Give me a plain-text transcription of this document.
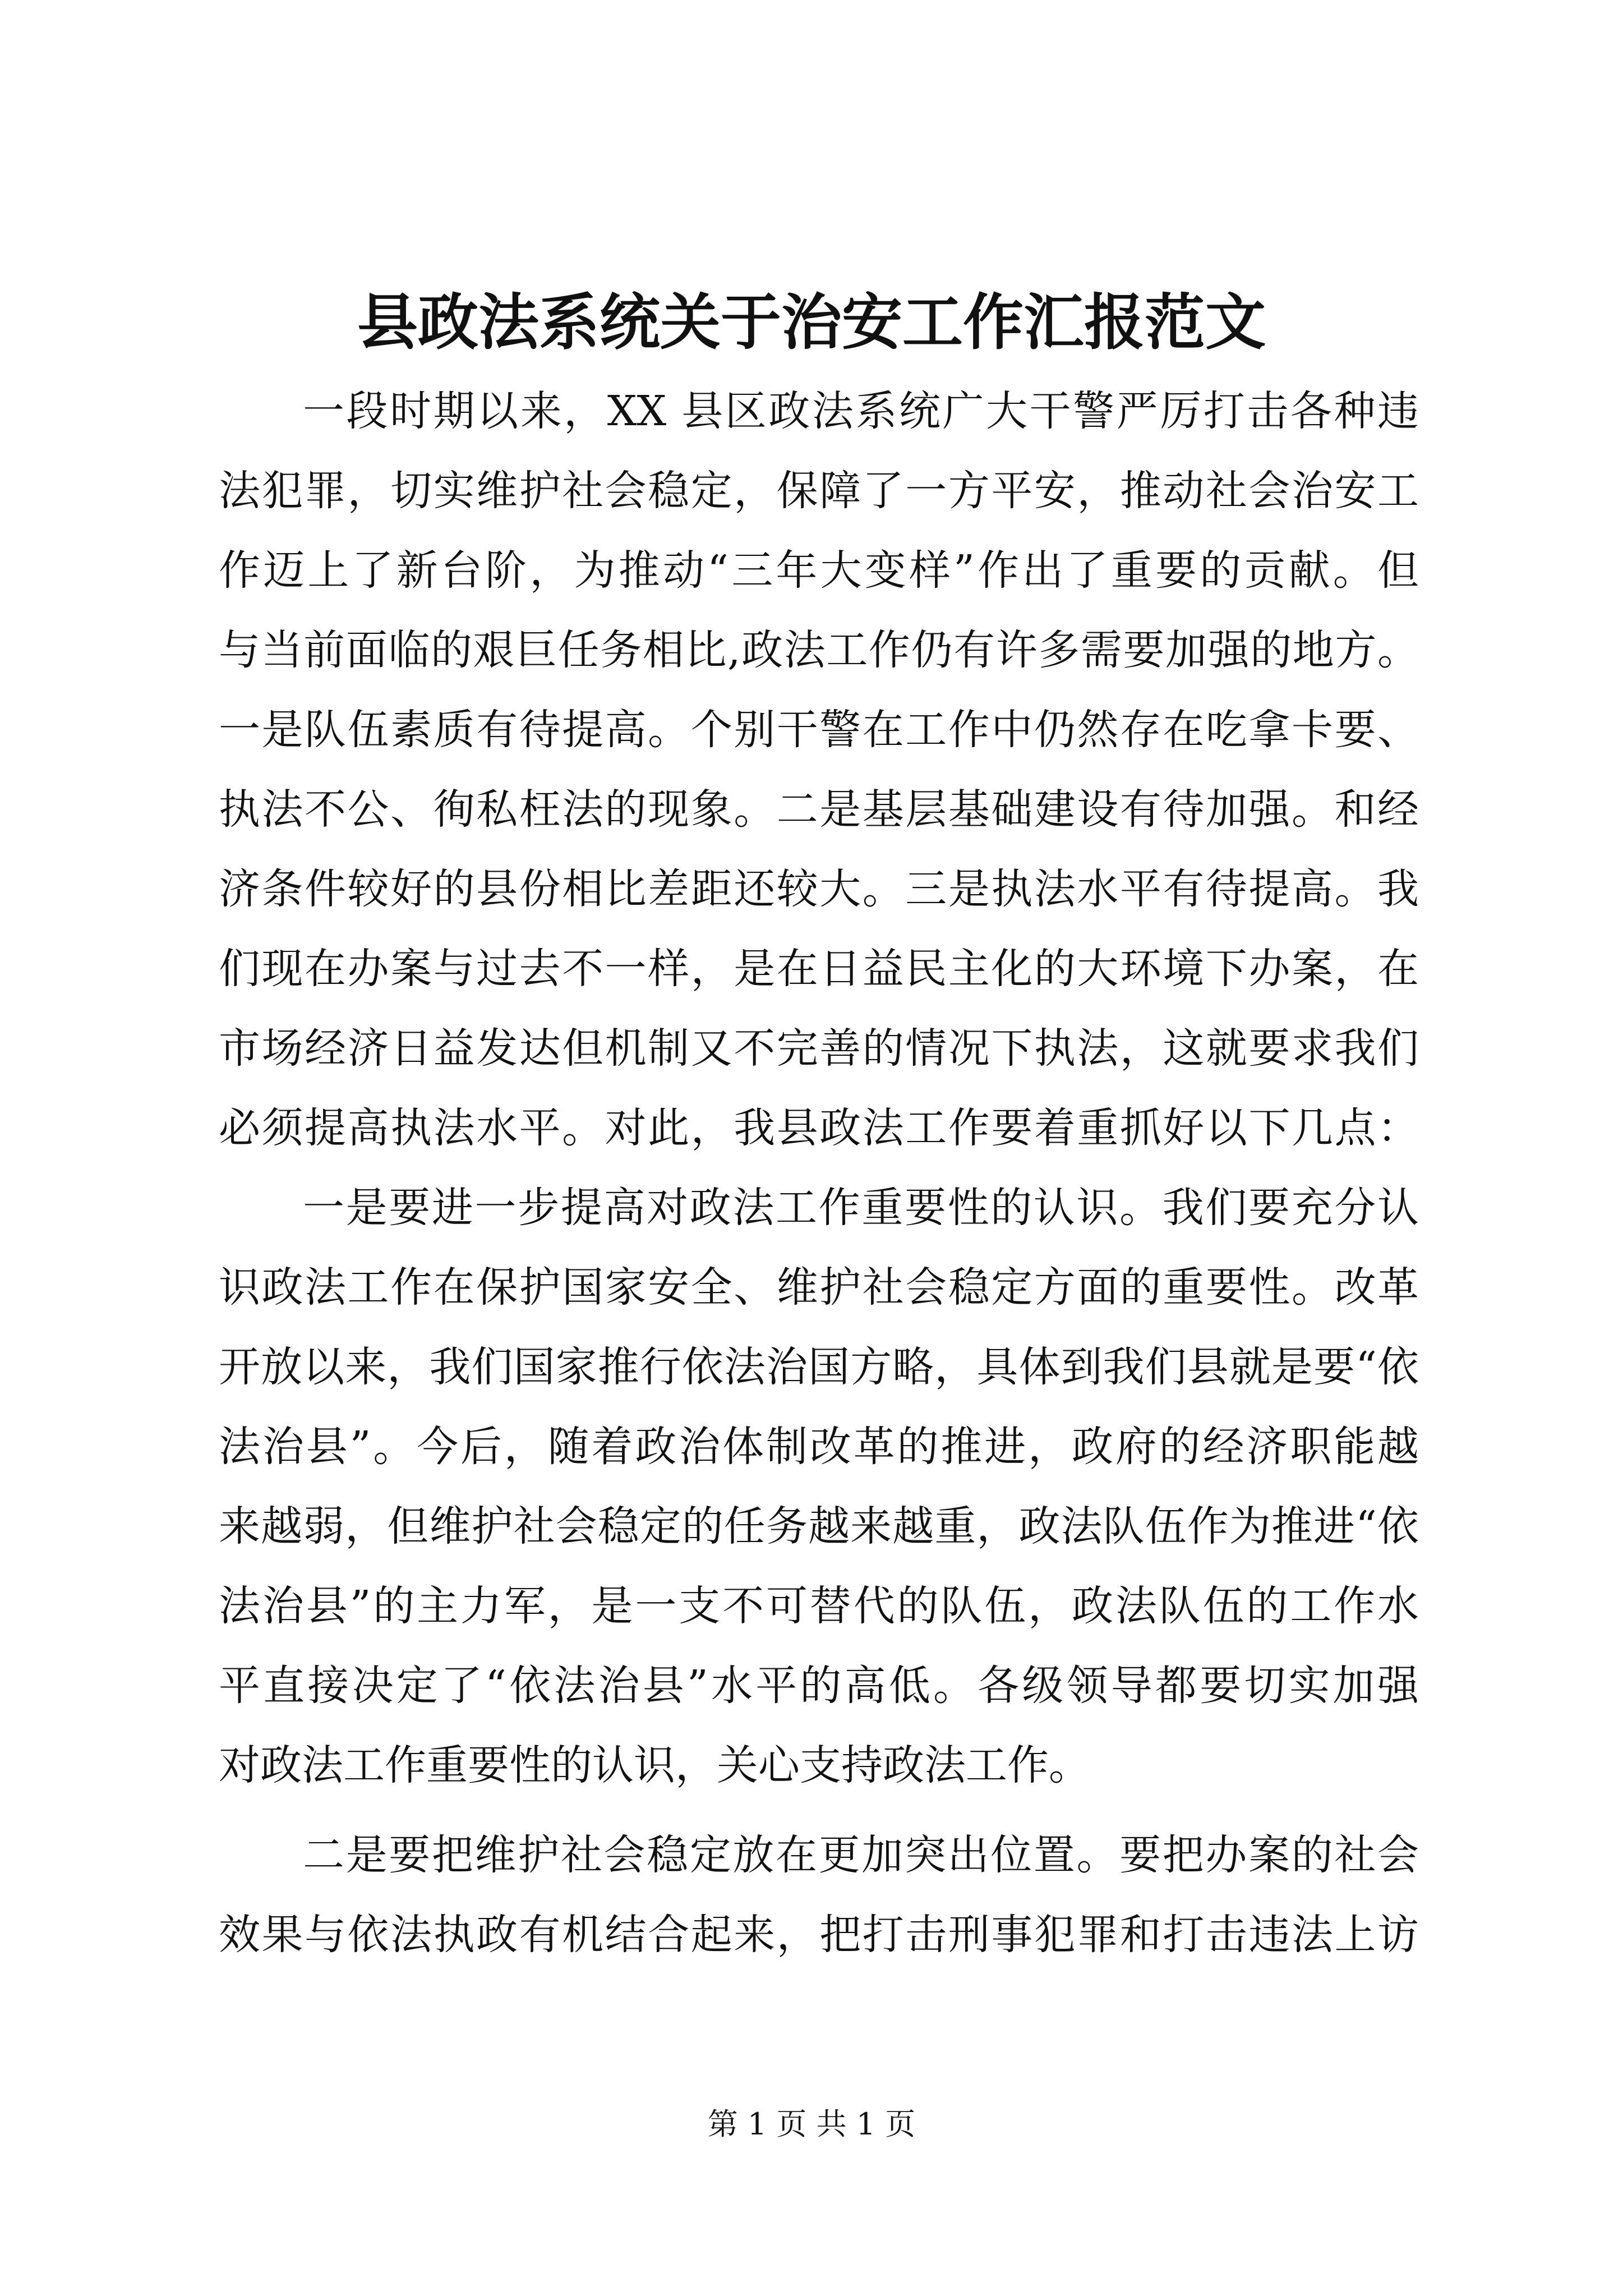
县政法系统关于治安工作汇报范文
一段时期以来，XX 县区政法系统广大干警严厉打击各种违
法犯罪，切实维护社会稳定，保障了一方平安，推动社会治安工
作迈上了新台阶，为推动“三年大变样”作出了重要的贡献。但
与当前面临的艰巨任务相比,政法工作仍有许多需要加强的地方。
一是队伍素质有待提高。个别干警在工作中仍然存在吃拿卡要、
执法不公、徇私枉法的现象。二是基层基础建设有待加强。和经
济条件较好的县份相比差距还较大。三是执法水平有待提高。我
们现在办案与过去不一样，是在日益民主化的大环境下办案，在
市场经济日益发达但机制又不完善的情况下执法，这就要求我们
必须提高执法水平。对此，我县政法工作要着重抓好以下几点：
一是要进一步提高对政法工作重要性的认识。我们要充分认
识政法工作在保护国家安全、维护社会稳定方面的重要性。改革
开放以来，我们国家推行依法治国方略，具体到我们县就是要“依
法治县”。今后，随着政治体制改革的推进，政府的经济职能越
来越弱，但维护社会稳定的任务越来越重，政法队伍作为推进“依
法治县”的主力军，是一支不可替代的队伍，政法队伍的工作水
平直接决定了“依法治县”水平的高低。各级领导都要切实加强
对政法工作重要性的认识，关心支持政法工作。
二是要把维护社会稳定放在更加突出位置。要把办案的社会
效果与依法执政有机结合起来，把打击刑事犯罪和打击违法上访
第 1 页 共 1 页
